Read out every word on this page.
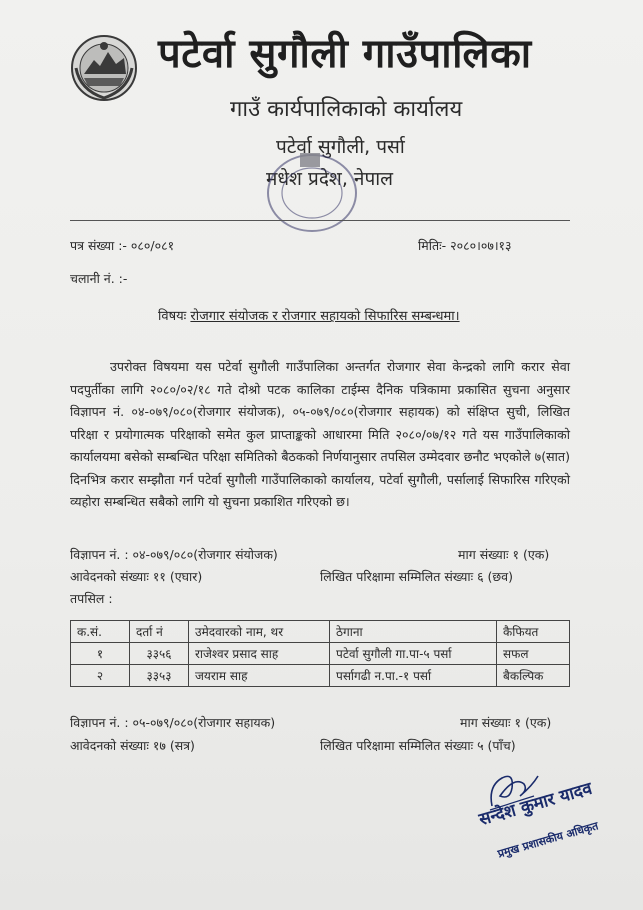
पटेर्वा सुगौली गाउँपालिका
गाउँ कार्यपालिकाको कार्यालय
पटेर्वा सुगौली, पर्सा
मधेश प्रदेश, नेपाल
पत्र संख्या :- ०८०/०८१	मितिः- २०८०।०७।१३
चलानी नं. :-
विषयः रोजगार संयोजक र रोजगार सहायको सिफारिस सम्बन्धमा।
उपरोक्त विषयमा यस पटेर्वा सुगौली गाउँपालिका अन्तर्गत रोजगार सेवा केन्द्रको लागि करार सेवा पदपुर्तीका लागि २०८०/०२/१८ गते दोश्रो पटक कालिका टाईम्स दैनिक पत्रिकामा प्रकासित सुचना अनुसार विज्ञापन नं. ०४-०७९/०८०(रोजगार संयोजक), ०५-०७९/०८०(रोजगार सहायक) को संक्षिप्त सुची, लिखित परिक्षा र प्रयोगात्मक परिक्षाको समेत कुल प्राप्ताङ्कको आधारमा मिति २०८०/०७/१२ गते यस गाउँपालिकाको कार्यालयमा बसेको सम्बन्धित परिक्षा समितिको बैठकको निर्णयानुसार तपसिल उम्मेदवार छनौट भएकोले ७(सात) दिनभित्र करार सम्झौता गर्न पटेर्वा सुगौली गाउँपालिकाको कार्यालय, पटेर्वा सुगौली, पर्सालाई सिफारिस गरिएको व्यहोरा सम्बन्धित सबैको लागि यो सुचना प्रकाशित गरिएको छ।
विज्ञापन नं. : ०४-०७९/०८०(रोजगार संयोजक)	माग संख्याः १ (एक)
आवेदनको संख्याः ११ (एघार)	लिखित परिक्षामा सम्मिलित संख्याः ६ (छव)
तपसिल :
क.सं.	दर्ता नं	उमेदवारको नाम, थर	ठेगाना	कैफियत
१	३३५६	राजेश्वर प्रसाद साह	पटेर्वा सुगौली गा.पा-५ पर्सा	सफल
२	३३५३	जयराम साह	पर्सागढी न.पा.-१ पर्सा	बैकल्पिक
विज्ञापन नं. : ०५-०७९/०८०(रोजगार सहायक)	माग संख्याः १ (एक)
आवेदनको संख्याः १७ (सत्र)	लिखित परिक्षामा सम्मिलित संख्याः ५ (पाँच)
सन्देश कुमार यादव
प्रमुख प्रशासकीय अधिकृत
